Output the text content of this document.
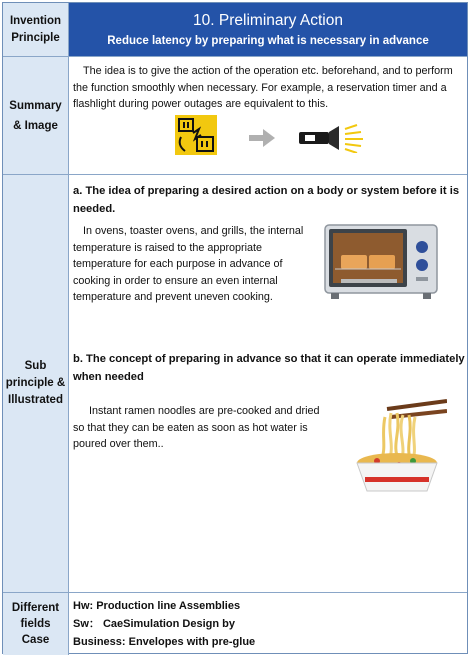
Invention Principle
10. Preliminary Action
Reduce latency by preparing what is necessary in advance
Summary & Image
The idea is to give the action of the operation etc. beforehand, and to perform the function smoothly when necessary. For example, a reservation timer and a flashlight during power outages are equivalent to this.
Sub principle & Illustrated
a. The idea of preparing a desired action on a body or system before it is needed.
In ovens, toaster ovens, and grills, the internal temperature is raised to the appropriate temperature for each purpose in advance of cooking in order to ensure an even internal temperature and prevent uneven cooking.
b. The concept of preparing in advance so that it can operate immediately when needed
Instant ramen noodles are pre-cooked and dried so that they can be eaten as soon as hot water is poured over them..
Different fields Case
Hw: Production line Assemblies
Sw： CaeSimulation Design by
Business: Envelopes with pre-glue
